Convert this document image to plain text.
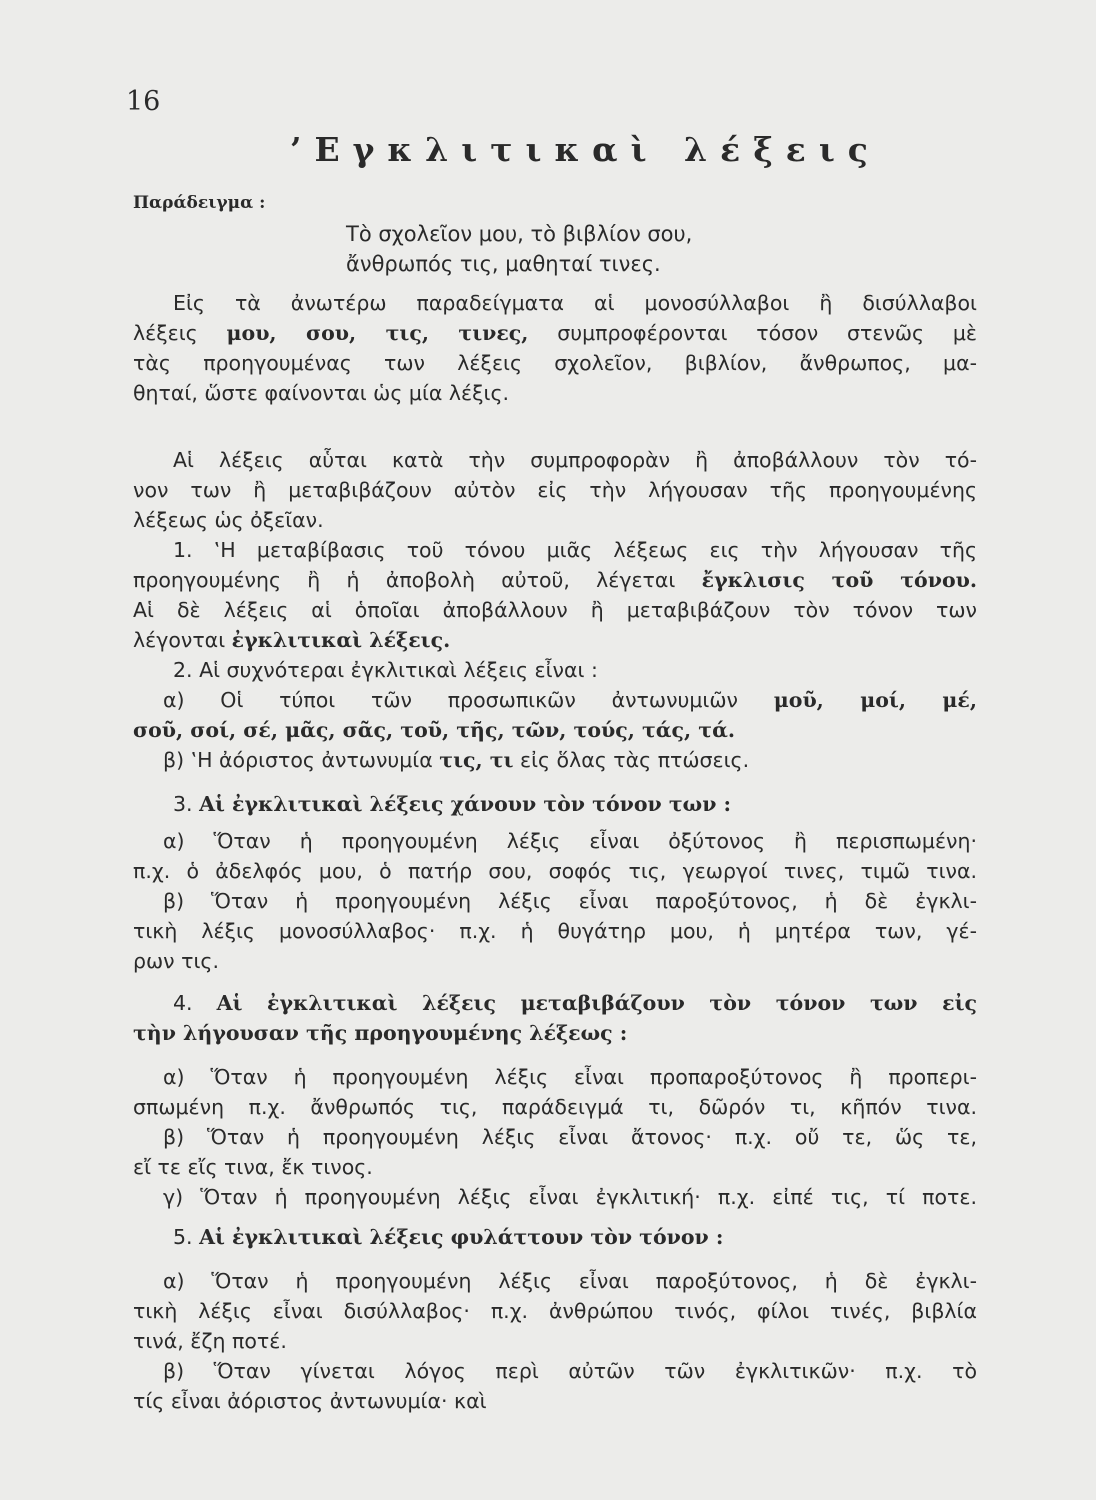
16
’Εγκλιτικαὶ λέξεις
Παράδειγμα :
Τὸ σχολεῖον μου, τὸ βιβλίον σου,
ἄνθρωπός τις, μαθηταί τινες.
Εἰς τὰ ἀνωτέρω παραδείγματα αἱ μονοσύλλαβοι ἢ δισύλλαβοι
λέξεις μου, σου, τις, τινες, συμπροφέρονται τόσον στενῶς μὲ
τὰς προηγουμένας των λέξεις σχολεῖον, βιβλίον, ἄνθρωπος, μα-
θηταί, ὥστε φαίνονται ὡς μία λέξις.
Αἱ λέξεις αὗται κατὰ τὴν συμπροφορὰν ἢ ἀποβάλλουν τὸν τό-
νον των ἢ μεταβιβάζουν αὐτὸν εἰς τὴν λήγουσαν τῆς προηγουμένης
λέξεως ὡς ὀξεῖαν.
1. ‛Η μεταβίβασις τοῦ τόνου μιᾶς λέξεως εις τὴν λήγουσαν τῆς
προηγουμένης ἢ ἡ ἀποβολὴ αὐτοῦ, λέγεται ἔγκλισις τοῦ τόνου.
Αἱ δὲ λέξεις αἱ ὁποῖαι ἀποβάλλουν ἢ μεταβιβάζουν τὸν τόνον των
λέγονται ἐγκλιτικαὶ λέξεις.
2. Αἱ συχνότεραι ἐγκλιτικαὶ λέξεις εἶναι :
α) Οἱ τύποι τῶν προσωπικῶν ἀντωνυμιῶν μοῦ, μοί, μέ,
σοῦ, σοί, σέ, μᾶς, σᾶς, τοῦ, τῆς, τῶν, τούς, τάς, τά.
β) ‛Η ἀόριστος ἀντωνυμία τις, τι εἰς ὅλας τὰς πτώσεις.
3. Αἱ ἐγκλιτικαὶ λέξεις χάνουν τὸν τόνον των :
α) Ὅταν ἡ προηγουμένη λέξις εἶναι ὀξύτονος ἢ περισπωμένη·
π.χ. ὁ ἀδελφός μου, ὁ πατήρ σου, σοφός τις, γεωργοί τινες, τιμῶ τινα.
β) Ὅταν ἡ προηγουμένη λέξις εἶναι παροξύτονος, ἡ δὲ ἐγκλι-
τικὴ λέξις μονοσύλλαβος· π.χ. ἡ θυγάτηρ μου, ἡ μητέρα των, γέ-
ρων τις.
4. Αἱ ἐγκλιτικαὶ λέξεις μεταβιβάζουν τὸν τόνον των εἰς
τὴν λήγουσαν τῆς προηγουμένης λέξεως :
α) Ὅταν ἡ προηγουμένη λέξις εἶναι προπαροξύτονος ἢ προπερι-
σπωμένη π.χ. ἄνθρωπός τις, παράδειγμά τι, δῶρόν τι, κῆπόν τινα.
β) Ὅταν ἡ προηγουμένη λέξις εἶναι ἄτονος· π.χ. οὔ τε, ὥς τε,
εἴ τε εἴς τινα, ἔκ τινος.
γ) Ὅταν ἡ προηγουμένη λέξις εἶναι ἐγκλιτική· π.χ. εἰπέ τις, τί ποτε.
5. Αἱ ἐγκλιτικαὶ λέξεις φυλάττουν τὸν τόνον :
α) Ὅταν ἡ προηγουμένη λέξις εἶναι παροξύτονος, ἡ δὲ ἐγκλι-
τικὴ λέξις εἶναι δισύλλαβος· π.χ. ἀνθρώπου τινός, φίλοι τινές, βιβλία
τινά, ἔζη ποτέ.
β) Ὅταν γίνεται λόγος περὶ αὐτῶν τῶν ἐγκλιτικῶν· π.χ. τὸ
τίς εἶναι ἀόριστος ἀντωνυμία· καὶ
